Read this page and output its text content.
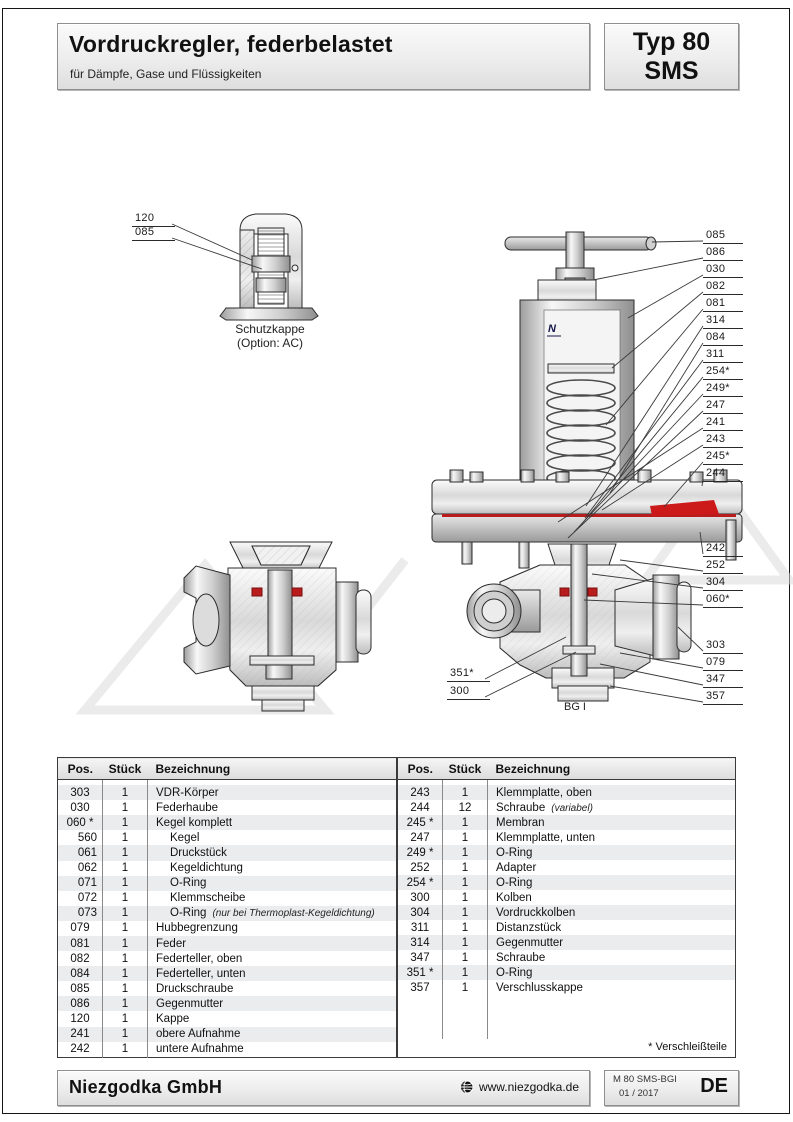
Vordruckregler, federbelastet
für Dämpfe, Gase und Flüssigkeiten
Typ 80
SMS
N
Schutzkappe
(Option: AC)
BG I
085
086
030
082
081
314
084
311
254*
249*
247
241
243
245*
244
242
252
304
060*
303
079
347
357
351*
300
120
085
Pos.	Stück	Bezeichnung

303	1	VDR-Körper
030	1	Federhaube
060 *	1	Kegel komplett
560	1	Kegel
061	1	Druckstück
062	1	Kegeldichtung
071	1	O-Ring
072	1	Klemmscheibe
073	1	O-Ring (nur bei Thermoplast-Kegeldichtung)
079	1	Hubbegrenzung
081	1	Feder
082	1	Federteller, oben
084	1	Federteller, unten
085	1	Druckschraube
086	1	Gegenmutter
120	1	Kappe
241	1	obere Aufnahme
242	1	untere Aufnahme
Pos.	Stück	Bezeichnung

243	1	Klemmplatte, oben
244	12	Schraube (variabel)
245 *	1	Membran
247	1	Klemmplatte, unten
249 *	1	O-Ring
252	1	Adapter
254 *	1	O-Ring
300	1	Kolben
304	1	Vordruckkolben
311	1	Distanzstück
314	1	Gegenmutter
347	1	Schraube
351 *	1	O-Ring
357	1	Verschlusskappe

* Verschleißteile		
Niezgodka GmbH	www.niezgodka.de
M 80 SMS-BGI
01 / 2017 DE
